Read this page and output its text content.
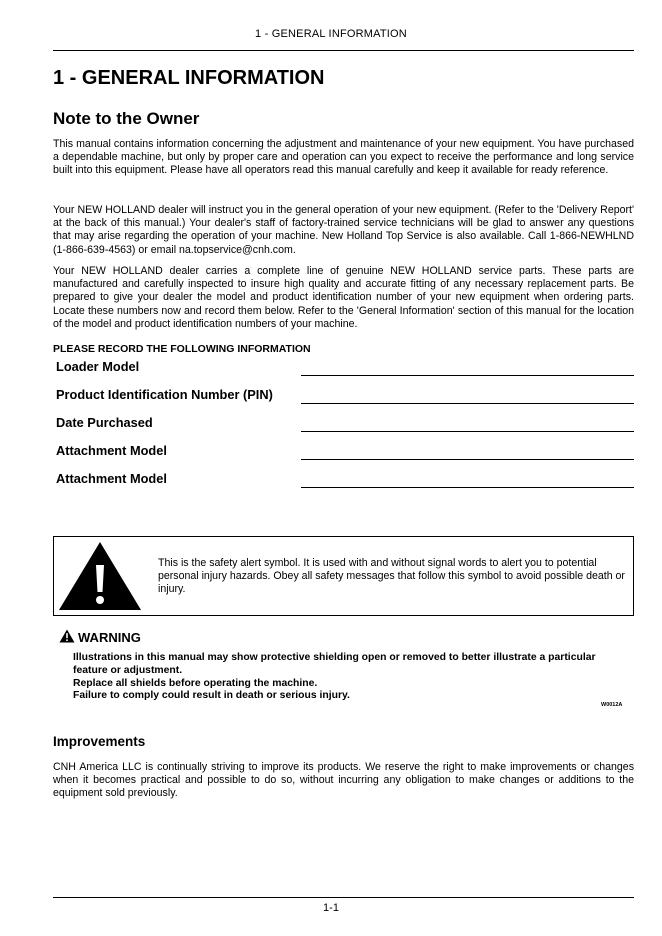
1 - GENERAL INFORMATION
1 - GENERAL INFORMATION
Note to the Owner

This manual contains information concerning the adjustment and maintenance of your new equipment. You have purchased a dependable machine, but only by proper care and operation can you expect to receive the performance and long service built into this equipment. Please have all operators read this manual carefully and keep it available for ready reference.

Your NEW HOLLAND dealer will instruct you in the general operation of your new equipment. (Refer to the 'Delivery Report' at the back of this manual.) Your dealer's staff of factory-trained service technicians will be glad to answer any questions that may arise regarding the operation of your machine. New Holland Top Service is also available. Call 1-866-NEWHLND (1-866-639-4563) or email na.topservice@cnh.com.

Your NEW HOLLAND dealer carries a complete line of genuine NEW HOLLAND service parts. These parts are manufactured and carefully inspected to insure high quality and accurate fitting of any necessary replacement parts. Be prepared to give your dealer the model and product identification number of your new equipment when ordering parts. Locate these numbers now and record them below. Refer to the 'General Information' section of this manual for the location of the model and product identification numbers of your machine.

PLEASE RECORD THE FOLLOWING INFORMATION
Loader Model
Product Identification Number (PIN)
Date Purchased
Attachment Model
Attachment Model

This is the safety alert symbol. It is used with and without signal words to alert you to potential personal injury hazards. Obey all safety messages that follow this symbol to avoid possible death or injury.

WARNING
Illustrations in this manual may show protective shielding open or removed to better illustrate a particular feature or adjustment.
Replace all shields before operating the machine.
Failure to comply could result in death or serious injury.
W0012A
Improvements

CNH America LLC is continually striving to improve its products. We reserve the right to make improvements or changes when it becomes practical and possible to do so, without incurring any obligation to make changes or additions to the equipment sold previously.

1-1
